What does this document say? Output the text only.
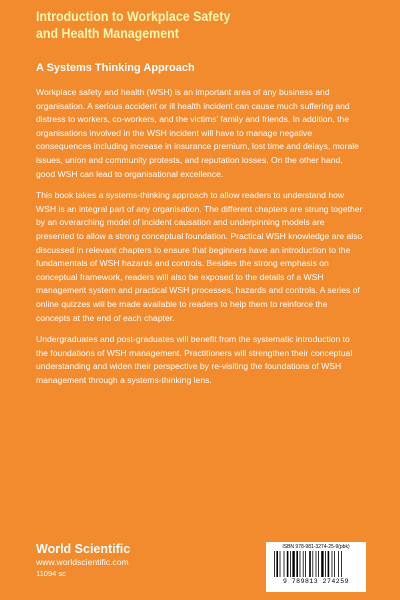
Introduction to Workplace Safety
and Health Management
A Systems Thinking Approach

Workplace safety and health (WSH) is an important area of any business and organisation. A serious accident or ill health incident can cause much suffering and distress to workers, co-workers, and the victims' family and friends. In addition, the organisations involved in the WSH incident will have to manage negative consequences including increase in insurance premium, lost time and delays, morale issues, union and community protests, and reputation losses. On the other hand, good WSH can lead to organisational excellence.

This book takes a systems-thinking approach to allow readers to understand how WSH is an integral part of any organisation. The different chapters are strung together by an overarching model of incident causation and underpinning models are presented to allow a strong conceptual foundation. Practical WSH knowledge are also discussed in relevant chapters to ensure that beginners have an introduction to the fundamentals of WSH hazards and controls. Besides the strong emphasis on conceptual framework, readers will also be exposed to the details of a WSH management system and practical WSH processes, hazards and controls. A series of online quizzes will be made available to readers to help them to reinforce the concepts at the end of each chapter.

Undergraduates and post-graduates will benefit from the systematic introduction to the foundations of WSH management. Practitioners will strengthen their conceptual understanding and widen their perspective by re-visiting the foundations of WSH management through a systems-thinking lens.

World Scientific
www.worldscientific.com
11094 sc
ISBN 978-981-3274-25-9(pbk)
9 789813 274259
